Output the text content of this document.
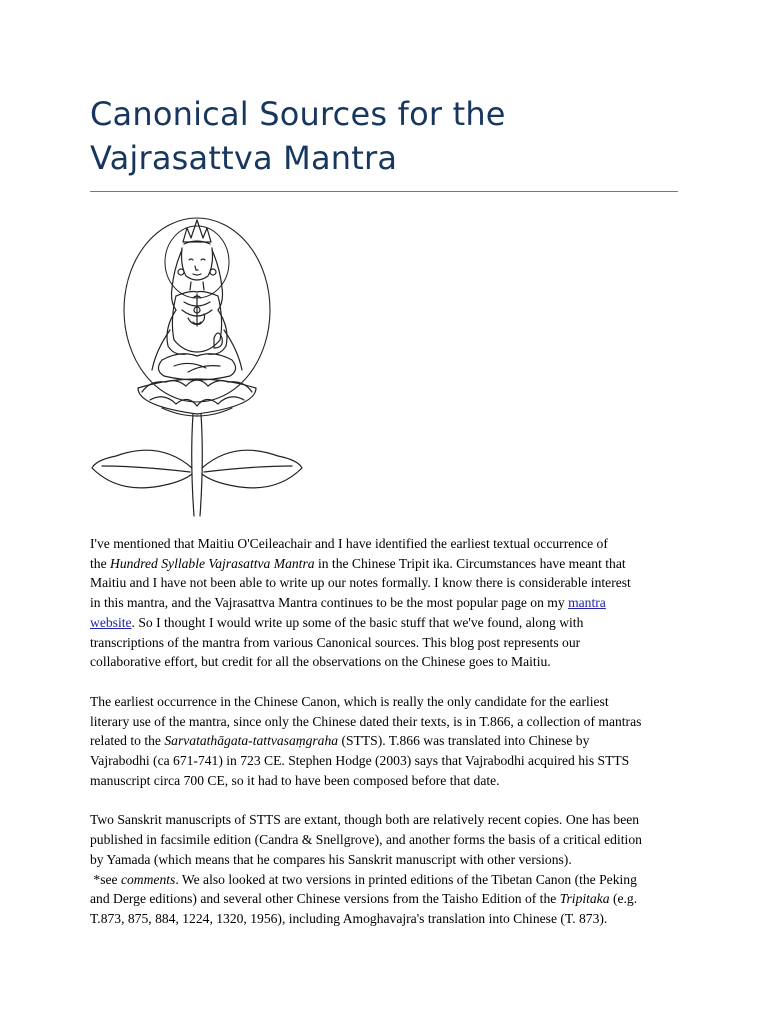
Canonical Sources for the
Vajrasattva Mantra

I've mentioned that Maitiu O'Ceileachair and I have identified the earliest textual occurrence of
the Hundred Syllable Vajrasattva Mantra in the Chinese Tripit ika. Circumstances have meant that
Maitiu and I have not been able to write up our notes formally. I know there is considerable interest
in this mantra, and the Vajrasattva Mantra continues to be the most popular page on my mantra
website. So I thought I would write up some of the basic stuff that we've found, along with
transcriptions of the mantra from various Canonical sources. This blog post represents our
collaborative effort, but credit for all the observations on the Chinese goes to Maitiu.

The earliest occurrence in the Chinese Canon, which is really the only candidate for the earliest
literary use of the mantra, since only the Chinese dated their texts, is in T.866, a collection of mantras
related to the Sarvatathāgata-tattvasaṃgraha (STTS). T.866 was translated into Chinese by
Vajrabodhi (ca 671-741) in 723 CE. Stephen Hodge (2003) says that Vajrabodhi acquired his STTS
manuscript circa 700 CE, so it had to have been composed before that date.

Two Sanskrit manuscripts of STTS are extant, though both are relatively recent copies. One has been
published in facsimile edition (Candra & Snellgrove), and another forms the basis of a critical edition
by Yamada (which means that he compares his Sanskrit manuscript with other versions).
*see comments. We also looked at two versions in printed editions of the Tibetan Canon (the Peking
and Derge editions) and several other Chinese versions from the Taisho Edition of the Tripitaka (e.g.
T.873, 875, 884, 1224, 1320, 1956), including Amoghavajra's translation into Chinese (T. 873).
